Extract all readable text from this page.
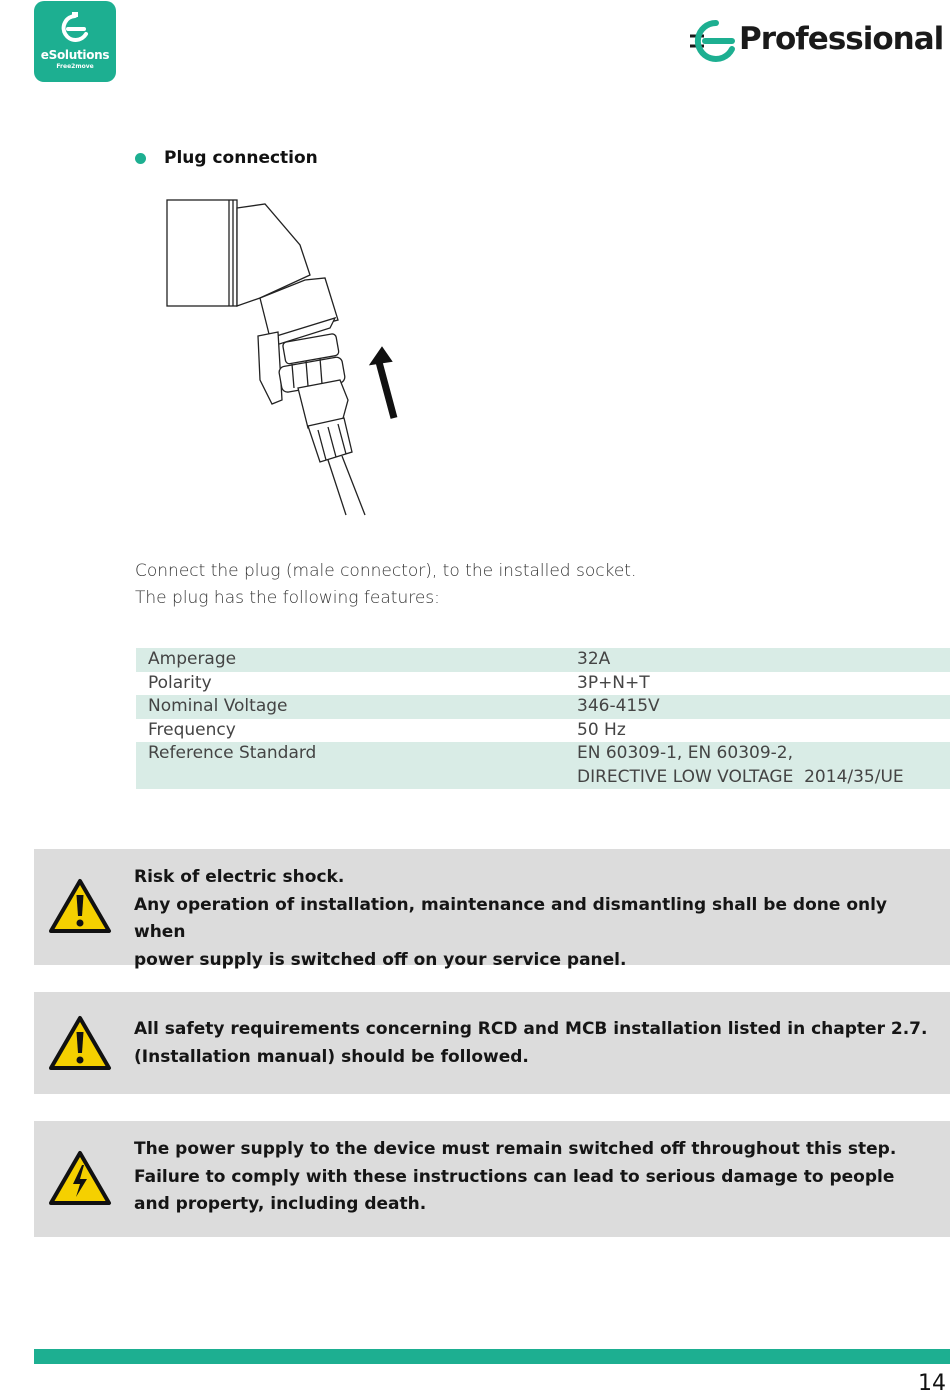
eSolutions
Free2move
Professional
Plug connection

Connect the plug (male connector), to the installed socket.

The plug has the following features:

Amperage	32A
Polarity	3P+N+T
Nominal Voltage	346-415V
Frequency	50 Hz
Reference Standard	EN 60309-1, EN 60309-2,
DIRECTIVE LOW VOLTAGE  2014/35/UE

Risk of electric shock.

Any operation of installation, maintenance and dismantling shall be done only when

power supply is switched off on your service panel.

All safety requirements concerning RCD and MCB installation listed in chapter 2.7.

(Installation manual) should be followed.

The power supply to the device must remain switched off throughout this step.

Failure to comply with these instructions can lead to serious damage to people

and property, including death.

14
